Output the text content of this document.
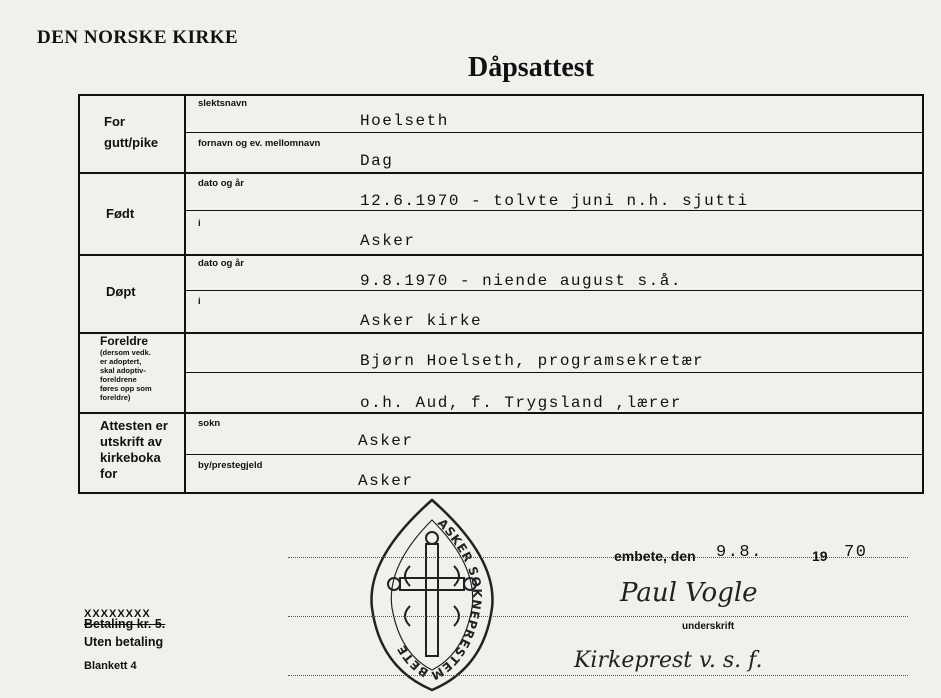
DEN NORSKE KIRKE
Dåpsattest
For
gutt/pike
slektsnavn
Hoelseth
fornavn og ev. mellomnavn
Dag
Født
dato og år
12.6.1970 - tolvte juni n.h. sjutti
i
Asker
Døpt
dato og år
9.8.1970 - niende august s.å.
i
Asker kirke
Foreldre
(dersom vedk.
er adoptert,
skal adoptiv-
foreldrene
føres opp som
foreldre)
Bjørn Hoelseth, programsekretær
o.h. Aud, f. Trygsland ,lærer
Attesten er
utskrift av
kirkeboka
for
sokn
Asker
by/prestegjeld
Asker
ASKER SOKNEPRESTEMBETE
embete, den 9.8.	19 70
Paul Vogle
underskrift
Kirkeprest v. s. f.
XXXXXXXX
Betaling kr. 5.
Uten betaling
Blankett 4
